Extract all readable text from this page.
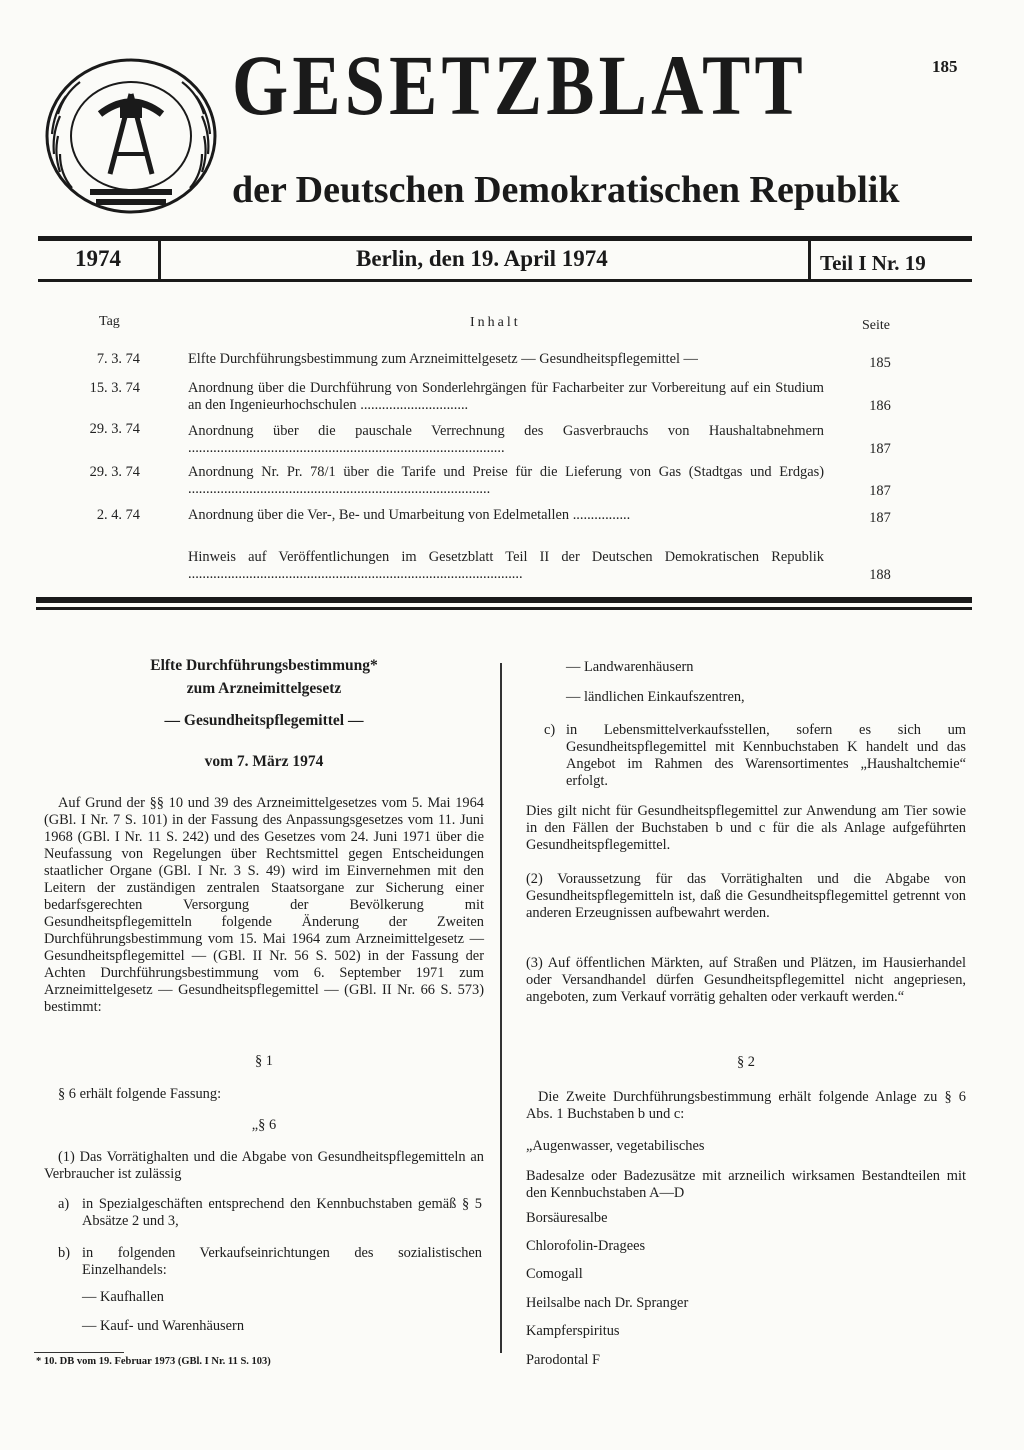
185
GESETZBLATT
der Deutschen Demokratischen Republik
1974	Berlin, den 19. April 1974	Teil I Nr. 19
Tag	Inhalt	Seite
7. 3. 74	Elfte Durchführungsbestimmung zum Arzneimittelgesetz — Gesundheitspflegemittel —	185
15. 3. 74	Anordnung über die Durchführung von Sonderlehrgängen für Facharbeiter zur Vorbereitung auf ein Studium an den Ingenieurhochschulen ..............................	186
29. 3. 74	Anordnung über die pauschale Verrechnung des Gasverbrauchs von Haushaltabnehmern ........................................................................................	187
29. 3. 74	Anordnung Nr. Pr. 78/1 über die Tarife und Preise für die Lieferung von Gas (Stadtgas und Erdgas) ....................................................................................	187
2. 4. 74	Anordnung über die Ver-, Be- und Umarbeitung von Edelmetallen ................	187
Hinweis auf Veröffentlichungen im Gesetzblatt Teil II der Deutschen Demokratischen Republik .............................................................................................	188
Elfte Durchführungsbestimmung*
zum Arzneimittelgesetz
— Gesundheitspflegemittel —
vom 7. März 1974
Auf Grund der §§ 10 und 39 des Arzneimittelgesetzes vom 5. Mai 1964 (GBl. I Nr. 7 S. 101) in der Fassung des Anpassungsgesetzes vom 11. Juni 1968 (GBl. I Nr. 11 S. 242) und des Gesetzes vom 24. Juni 1971 über die Neufassung von Regelungen über Rechtsmittel gegen Entscheidungen staatlicher Organe (GBl. I Nr. 3 S. 49) wird im Einvernehmen mit den Leitern der zuständigen zentralen Staatsorgane zur Sicherung einer bedarfsgerechten Versorgung der Bevölkerung mit Gesundheitspflegemitteln folgende Änderung der Zweiten Durchführungsbestimmung vom 15. Mai 1964 zum Arzneimittelgesetz — Gesundheitspflegemittel — (GBl. II Nr. 56 S. 502) in der Fassung der Achten Durchführungsbestimmung vom 6. September 1971 zum Arzneimittelgesetz — Gesundheitspflegemittel — (GBl. II Nr. 66 S. 573) bestimmt:
§ 1
§ 6 erhält folgende Fassung:
„§ 6
(1) Das Vorrätighalten und die Abgabe von Gesundheitspflegemitteln an Verbraucher ist zulässig
a) in Spezialgeschäften entsprechend den Kennbuchstaben gemäß § 5 Absätze 2 und 3,
b) in folgenden Verkaufseinrichtungen des sozialistischen Einzelhandels:
— Kaufhallen
— Kauf- und Warenhäusern
* 10. DB vom 19. Februar 1973 (GBl. I Nr. 11 S. 103)
— Landwarenhäusern
— ländlichen Einkaufszentren,
c) in Lebensmittelverkaufsstellen, sofern es sich um Gesundheitspflegemittel mit Kennbuchstaben K handelt und das Angebot im Rahmen des Warensortimentes „Haushaltchemie“ erfolgt.
Dies gilt nicht für Gesundheitspflegemittel zur Anwendung am Tier sowie in den Fällen der Buchstaben b und c für die als Anlage aufgeführten Gesundheitspflegemittel.
(2) Voraussetzung für das Vorrätighalten und die Abgabe von Gesundheitspflegemitteln ist, daß die Gesundheitspflegemittel getrennt von anderen Erzeugnissen aufbewahrt werden.
(3) Auf öffentlichen Märkten, auf Straßen und Plätzen, im Hausierhandel oder Versandhandel dürfen Gesundheitspflegemittel nicht angepriesen, angeboten, zum Verkauf vorrätig gehalten oder verkauft werden.“
§ 2
Die Zweite Durchführungsbestimmung erhält folgende Anlage zu § 6 Abs. 1 Buchstaben b und c:
„Augenwasser, vegetabilisches
Badesalze oder Badezusätze mit arzneilich wirksamen Bestandteilen mit den Kennbuchstaben A—D
Borsäuresalbe
Chlorofolin-Dragees
Comogall
Heilsalbe nach Dr. Spranger
Kampferspiritus
Parodontal F
